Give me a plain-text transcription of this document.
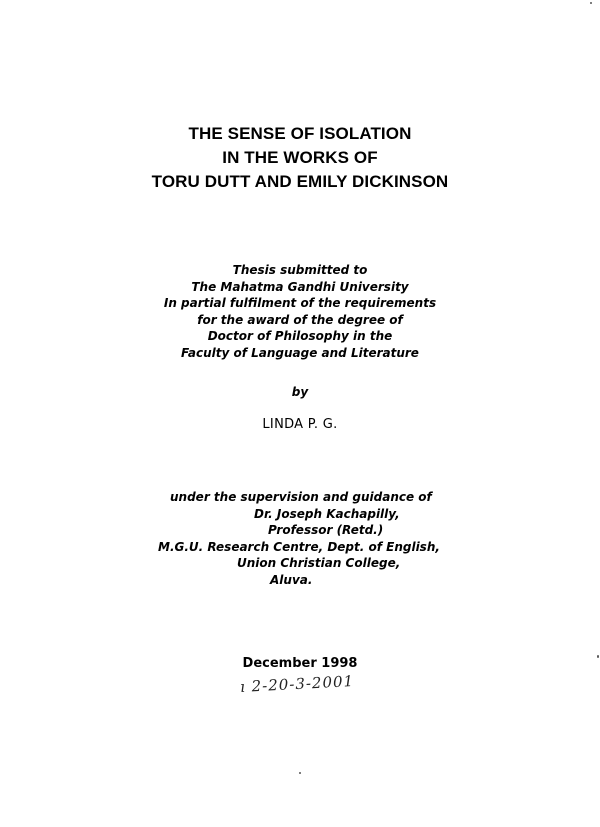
THE SENSE OF ISOLATION
IN THE WORKS OF
TORU DUTT AND EMILY DICKINSON
Thesis submitted to
The Mahatma Gandhi University
In partial fulfilment of the requirements
for the award of the degree of
Doctor of Philosophy in the
Faculty of Language and Literature
by
LINDA P. G.
under the supervision and guidance of
Dr. Joseph Kachapilly,
Professor (Retd.)
M.G.U. Research Centre, Dept. of English,
Union Christian College,
Aluva.
December 1998
ı 2-20-3-2001
